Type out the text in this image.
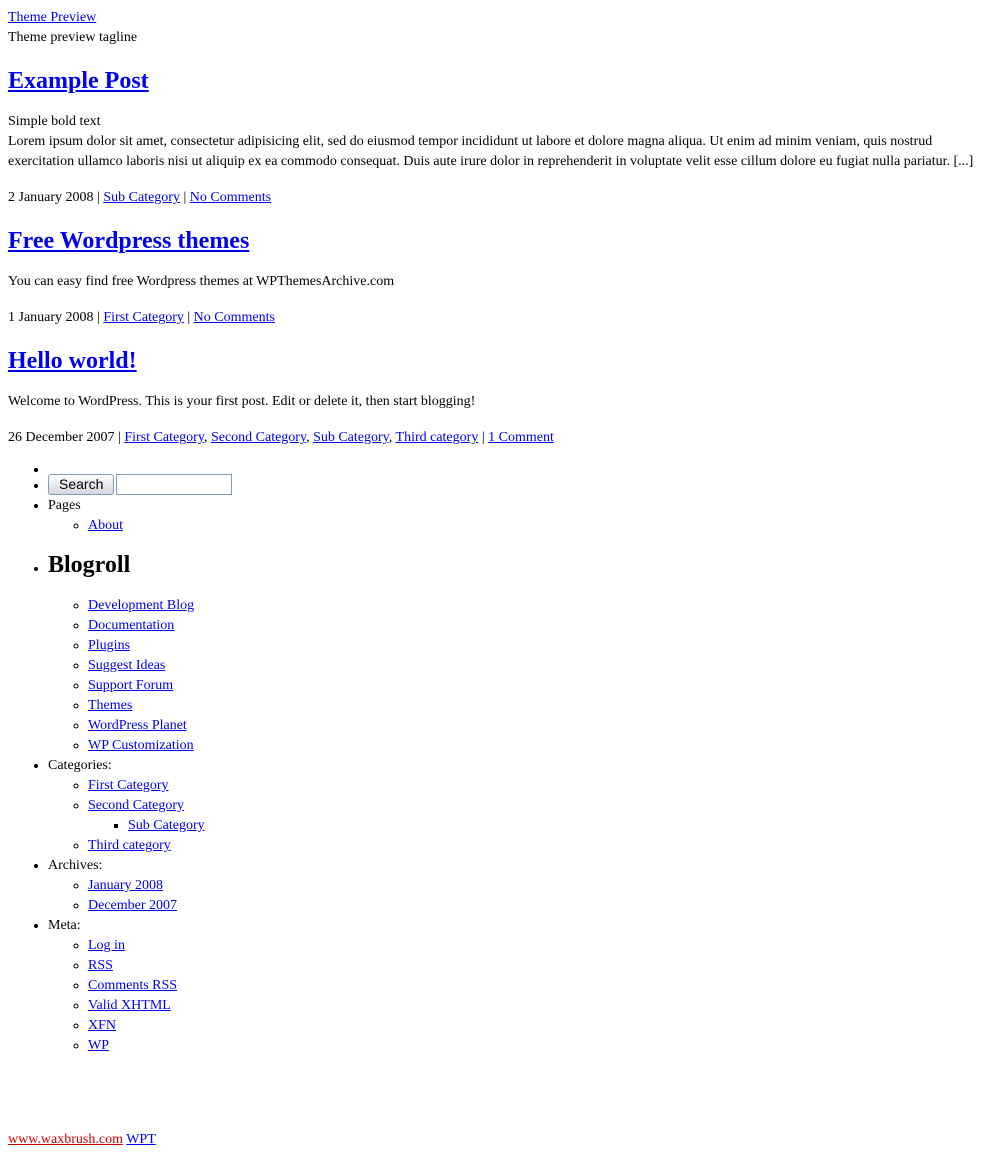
Theme Preview
Theme preview tagline
Example Post
Simple bold text
Lorem ipsum dolor sit amet, consectetur adipisicing elit, sed do eiusmod tempor incididunt ut labore et dolore magna aliqua. Ut enim ad minim veniam, quis nostrud exercitation ullamco laboris nisi ut aliquip ex ea commodo consequat. Duis aute irure dolor in reprehenderit in voluptate velit esse cillum dolore eu fugiat nulla pariatur. [...]
2 January 2008 | Sub Category | No Comments
Free Wordpress themes
You can easy find free Wordpress themes at WPThemesArchive.com
1 January 2008 | First Category | No Comments
Hello world!
Welcome to WordPress. This is your first post. Edit or delete it, then start blogging!
26 December 2007 | First Category, Second Category, Sub Category, Third category | 1 Comment
• Search
• Pages
◦ About
• Blogroll
◦ Development Blog
◦ Documentation
◦ Plugins
◦ Suggest Ideas
◦ Support Forum
◦ Themes
◦ WordPress Planet
◦ WP Customization
• Categories:
◦ First Category
◦ Second Category
▪ Sub Category
◦ Third category
• Archives:
◦ January 2008
◦ December 2007
• Meta:
◦ Log in
◦ RSS
◦ Comments RSS
◦ Valid XHTML
◦ XFN
◦ WP
www.waxbrush.com WPT
